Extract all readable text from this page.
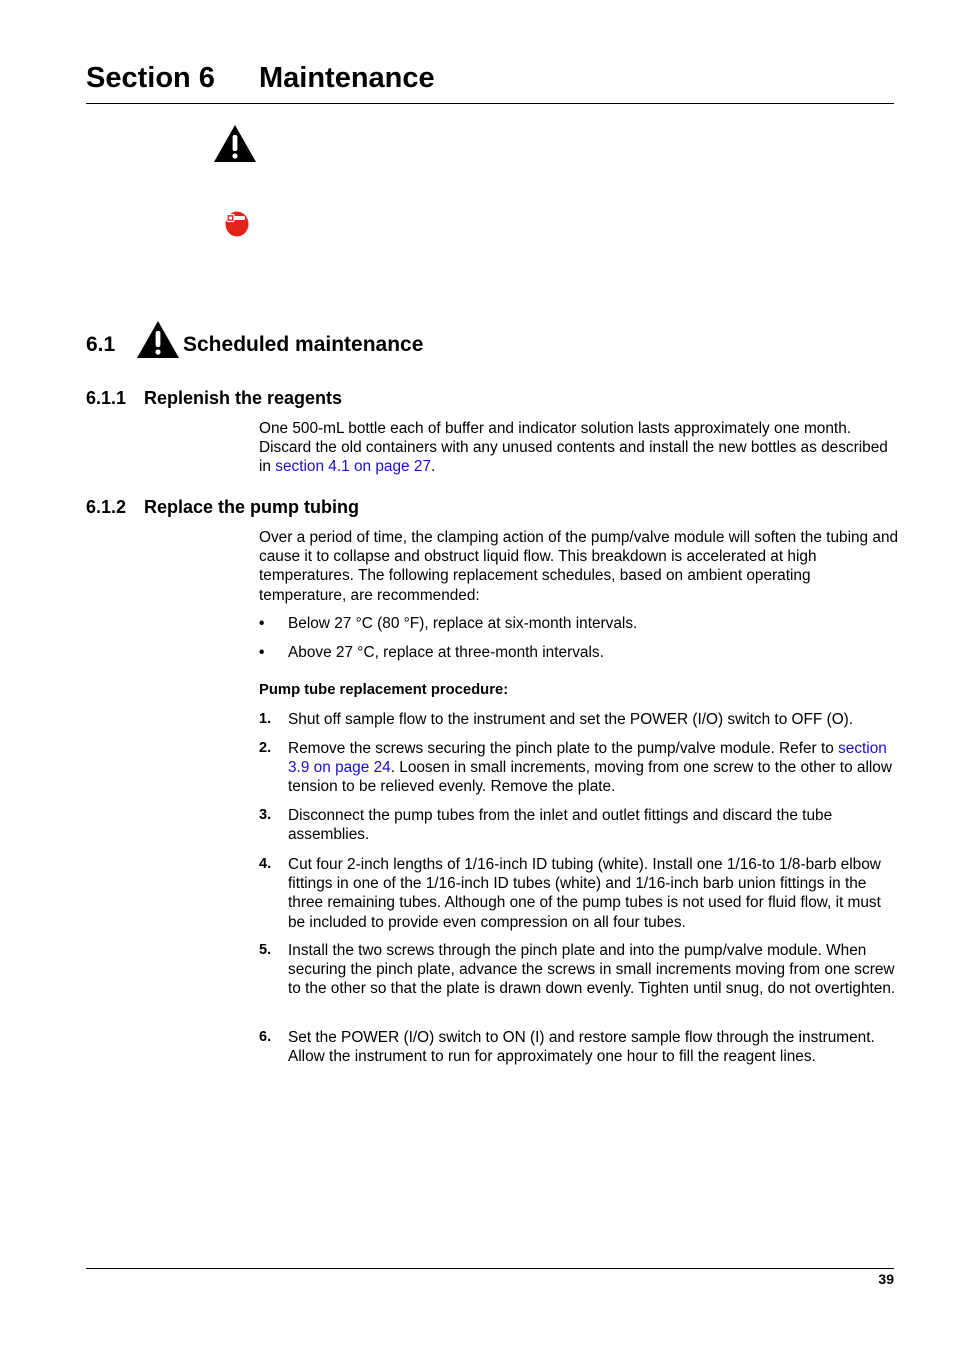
Section 6 Maintenance
6.1	Scheduled maintenance
6.1.1 Replenish the reagents

One 500-mL bottle each of buffer and indicator solution lasts approximately one month. Discard the old containers with any unused contents and install the new bottles as described in section 4.1 on page 27.

6.1.2 Replace the pump tubing

Over a period of time, the clamping action of the pump/valve module will soften the tubing and cause it to collapse and obstruct liquid flow. This breakdown is accelerated at high temperatures. The following replacement schedules, based on ambient operating temperature, are recommended:

• Below 27 °C (80 °F), replace at six-month intervals.
• Above 27 °C, replace at three-month intervals.
Pump tube replacement procedure:
1. Shut off sample flow to the instrument and set the POWER (I/O) switch to OFF (O).
2. Remove the screws securing the pinch plate to the pump/valve module. Refer to section 3.9 on page 24. Loosen in small increments, moving from one screw to the other to allow tension to be relieved evenly. Remove the plate.
3. Disconnect the pump tubes from the inlet and outlet fittings and discard the tube assemblies.
4. Cut four 2-inch lengths of 1/16-inch ID tubing (white). Install one 1/16-to 1/8-barb elbow fittings in one of the 1/16-inch ID tubes (white) and 1/16-inch barb union fittings in the three remaining tubes. Although one of the pump tubes is not used for fluid flow, it must be included to provide even compression on all four tubes.
5. Install the two screws through the pinch plate and into the pump/valve module. When securing the pinch plate, advance the screws in small increments moving from one screw to the other so that the plate is drawn down evenly. Tighten until snug, do not overtighten.
6. Set the POWER (I/O) switch to ON (I) and restore sample flow through the instrument. Allow the instrument to run for approximately one hour to fill the reagent lines.
39
